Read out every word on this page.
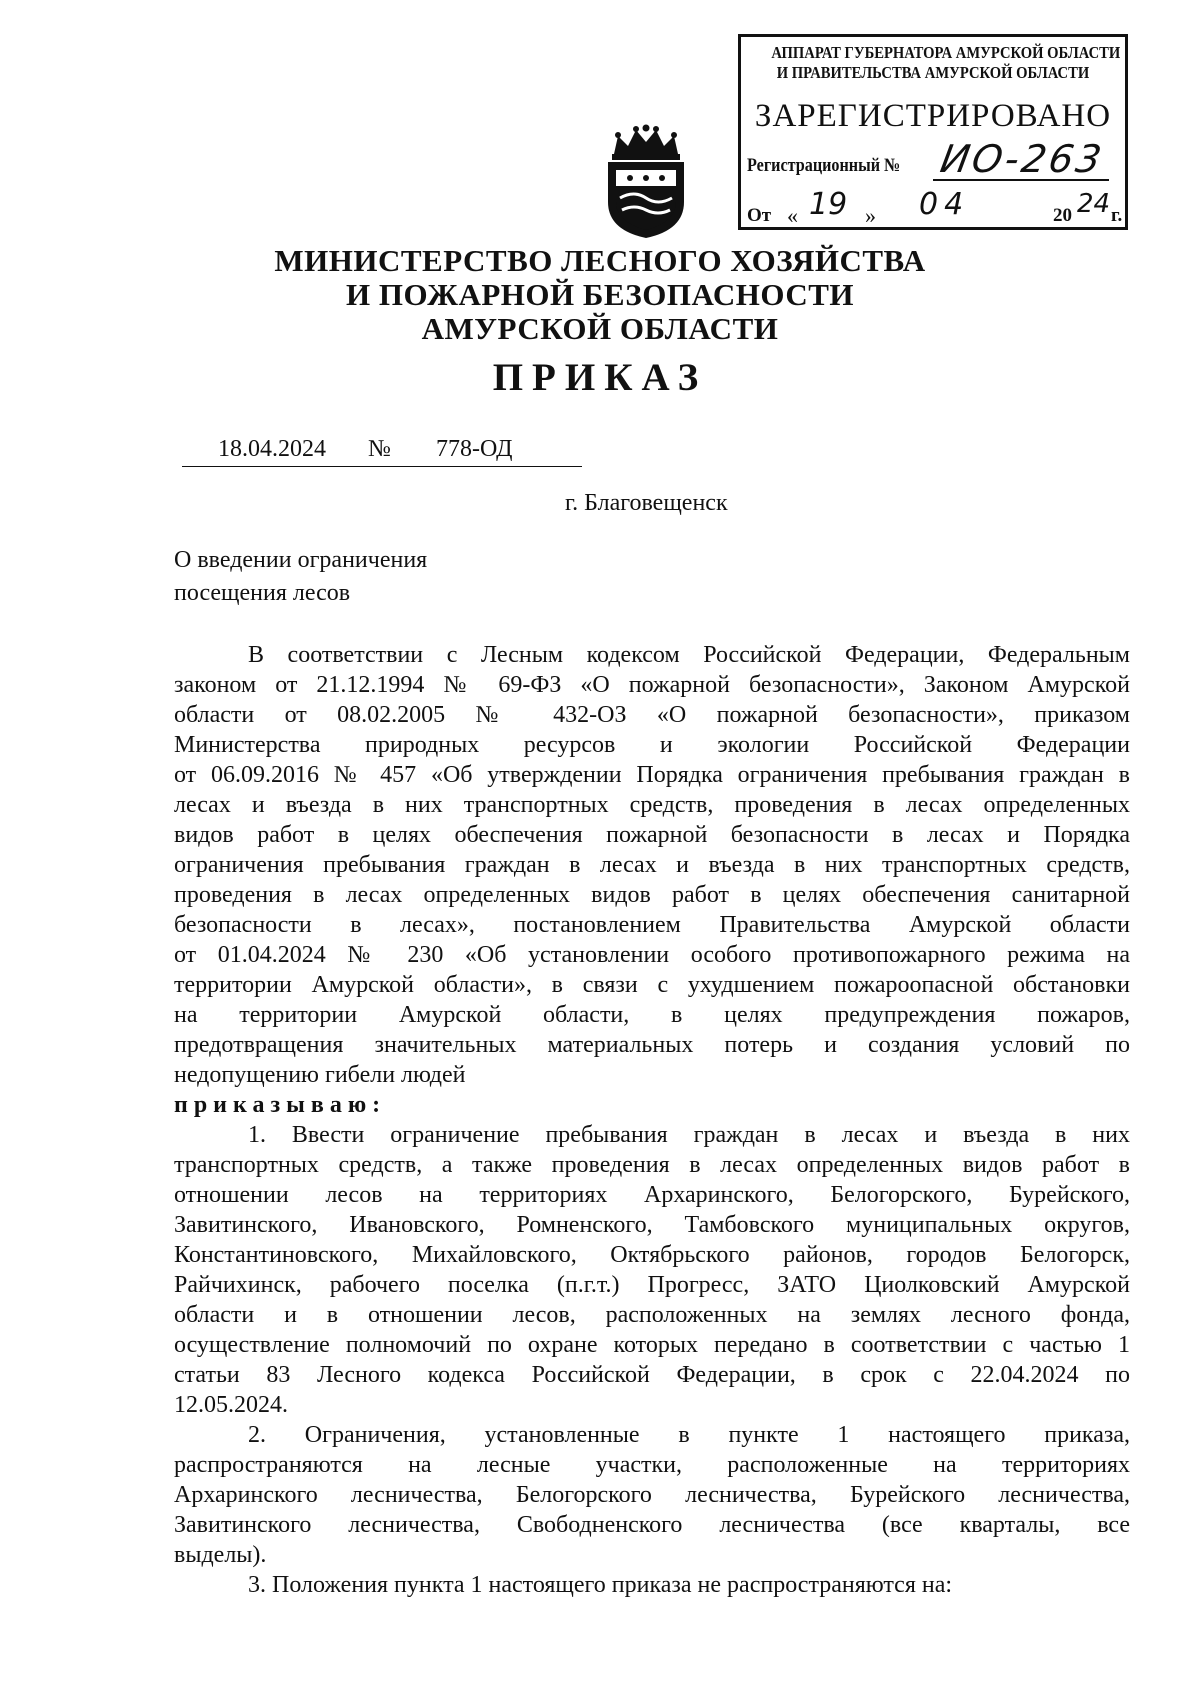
АППАРАТ ГУБЕРНАТОРА АМУРСКОЙ ОБЛАСТИ
И ПРАВИТЕЛЬСТВА АМУРСКОЙ ОБЛАСТИ
ЗАРЕГИСТРИРОВАНО
Регистрационный № ИО-263
От « 19 » 04	20 24 г.
МИНИСТЕРСТВО ЛЕСНОГО ХОЗЯЙСТВА
И ПОЖАРНОЙ БЕЗОПАСНОСТИ
АМУРСКОЙ ОБЛАСТИ
ПРИКАЗ
18.04.2024 № 778-ОД
г. Благовещенск
О введении ограничения
посещения лесов
В соответствии с Лесным кодексом Российской Федерации, Федеральным
законом от 21.12.1994 № 69-ФЗ «О пожарной безопасности», Законом Амурской
области от 08.02.2005 № 432-ОЗ «О пожарной безопасности», приказом
Министерства природных ресурсов и экологии Российской Федерации
от 06.09.2016 № 457 «Об утверждении Порядка ограничения пребывания граждан в
лесах и въезда в них транспортных средств, проведения в лесах определенных
видов работ в целях обеспечения пожарной безопасности в лесах и Порядка
ограничения пребывания граждан в лесах и въезда в них транспортных средств,
проведения в лесах определенных видов работ в целях обеспечения санитарной
безопасности в лесах», постановлением Правительства Амурской области
от 01.04.2024 № 230 «Об установлении особого противопожарного режима на
территории Амурской области», в связи с ухудшением пожароопасной обстановки
на территории Амурской области, в целях предупреждения пожаров,
предотвращения значительных материальных потерь и создания условий по
недопущению гибели людей
приказываю:
1. Ввести ограничение пребывания граждан в лесах и въезда в них
транспортных средств, а также проведения в лесах определенных видов работ в
отношении лесов на территориях Архаринского, Белогорского, Бурейского,
Завитинского, Ивановского, Ромненского, Тамбовского муниципальных округов,
Константиновского, Михайловского, Октябрьского районов, городов Белогорск,
Райчихинск, рабочего поселка (п.г.т.) Прогресс, ЗАТО Циолковский Амурской
области и в отношении лесов, расположенных на землях лесного фонда,
осуществление полномочий по охране которых передано в соответствии с частью 1
статьи 83 Лесного кодекса Российской Федерации, в срок с 22.04.2024 по
12.05.2024.
2. Ограничения, установленные в пункте 1 настоящего приказа,
распространяются на лесные участки, расположенные на территориях
Архаринского лесничества, Белогорского лесничества, Бурейского лесничества,
Завитинского лесничества, Свободненского лесничества (все кварталы, все
выделы).
3. Положения пункта 1 настоящего приказа не распространяются на:
